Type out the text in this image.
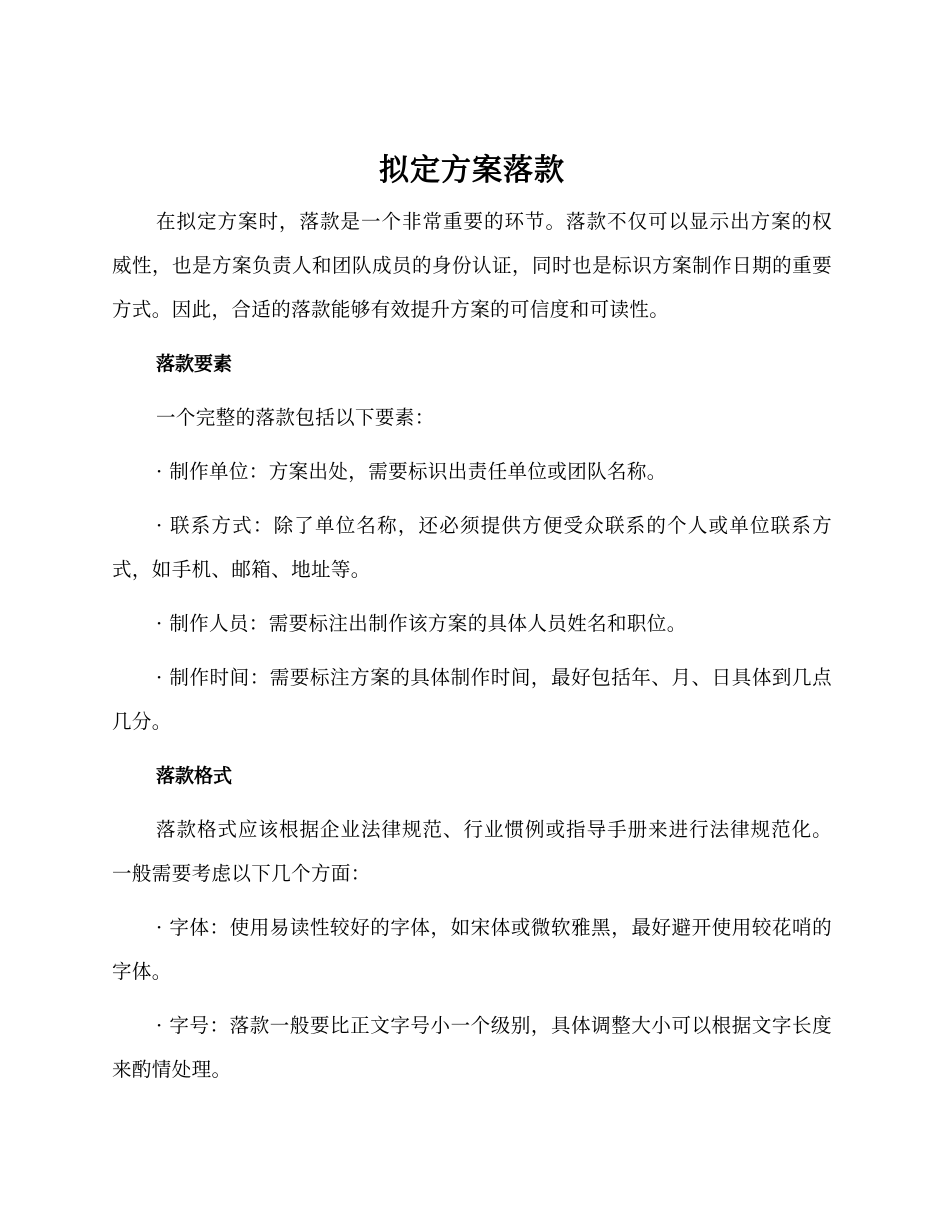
拟定方案落款

在拟定方案时，落款是一个非常重要的环节。落款不仅可以显示出方案的权威性，也是方案负责人和团队成员的身份认证，同时也是标识方案制作日期的重要方式。因此，合适的落款能够有效提升方案的可信度和可读性。

落款要素

一个完整的落款包括以下要素：

· 制作单位：方案出处，需要标识出责任单位或团队名称。

· 联系方式：除了单位名称，还必须提供方便受众联系的个人或单位联系方式，如手机、邮箱、地址等。

· 制作人员：需要标注出制作该方案的具体人员姓名和职位。

· 制作时间：需要标注方案的具体制作时间，最好包括年、月、日具体到几点几分。

落款格式

落款格式应该根据企业法律规范、行业惯例或指导手册来进行法律规范化。一般需要考虑以下几个方面：

· 字体：使用易读性较好的字体，如宋体或微软雅黑，最好避开使用较花哨的字体。

· 字号：落款一般要比正文字号小一个级别，具体调整大小可以根据文字长度来酌情处理。
